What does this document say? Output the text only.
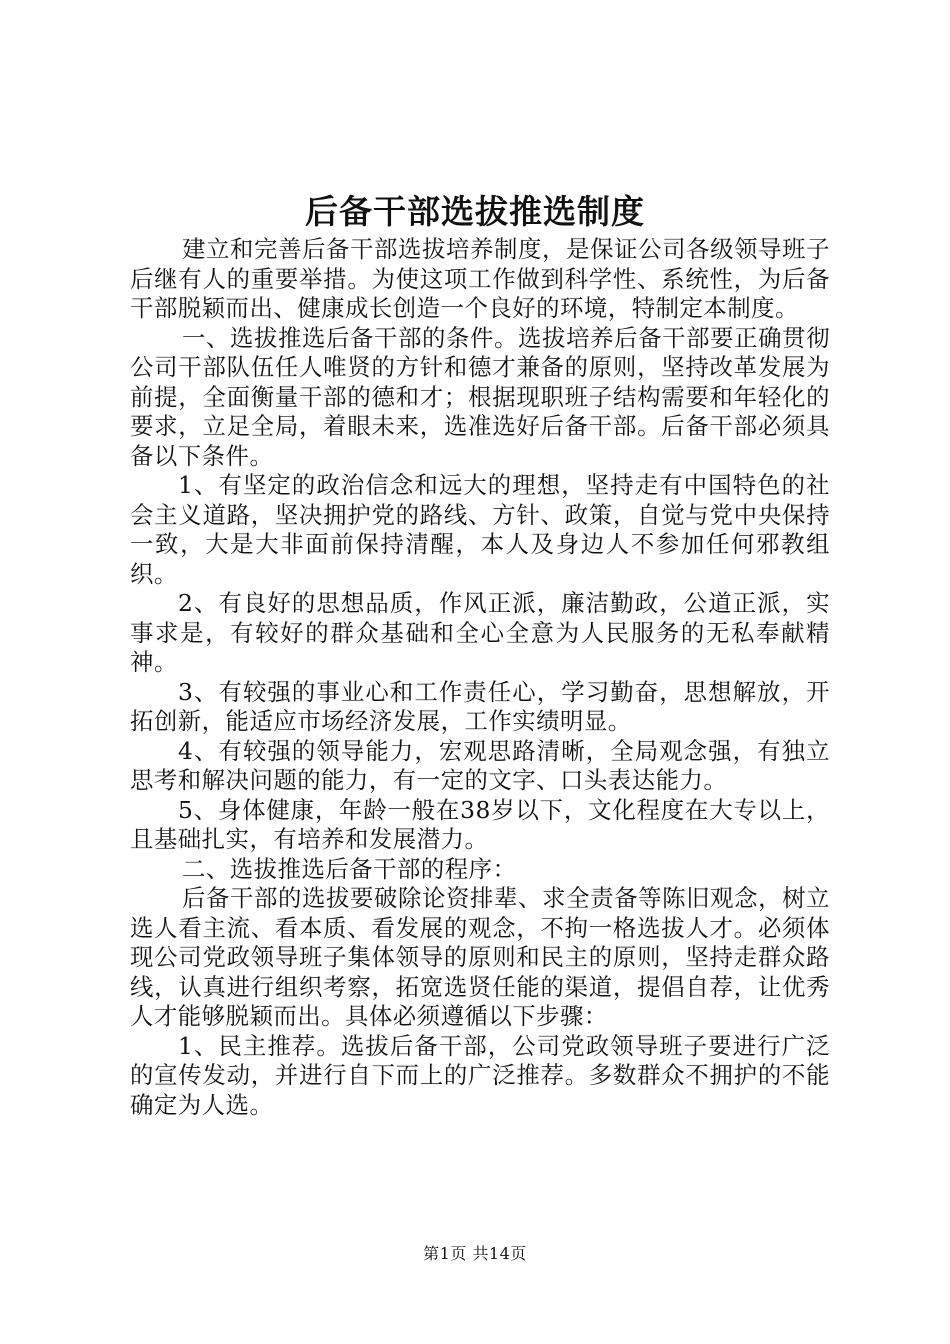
后备干部选拔推选制度

建立和完善后备干部选拔培养制度，是保证公司各级领导班子后继有人的重要举措。为使这项工作做到科学性、系统性，为后备干部脱颖而出、健康成长创造一个良好的环境，特制定本制度。

一、选拔推选后备干部的条件。选拔培养后备干部要正确贯彻公司干部队伍任人唯贤的方针和德才兼备的原则，坚持改革发展为前提，全面衡量干部的德和才；根据现职班子结构需要和年轻化的要求，立足全局，着眼未来，选准选好后备干部。后备干部必须具备以下条件。

1、有坚定的政治信念和远大的理想，坚持走有中国特色的社会主义道路，坚决拥护党的路线、方针、政策，自觉与党中央保持一致，大是大非面前保持清醒，本人及身边人不参加任何邪教组织。

2、有良好的思想品质，作风正派，廉洁勤政，公道正派，实事求是，有较好的群众基础和全心全意为人民服务的无私奉献精神。

3、有较强的事业心和工作责任心，学习勤奋，思想解放，开拓创新，能适应市场经济发展，工作实绩明显。

4、有较强的领导能力，宏观思路清晰，全局观念强，有独立思考和解决问题的能力，有一定的文字、口头表达能力。

5、身体健康，年龄一般在38岁以下，文化程度在大专以上，且基础扎实，有培养和发展潜力。

二、选拔推选后备干部的程序：

后备干部的选拔要破除论资排辈、求全责备等陈旧观念，树立选人看主流、看本质、看发展的观念，不拘一格选拔人才。必须体现公司党政领导班子集体领导的原则和民主的原则，坚持走群众路线，认真进行组织考察，拓宽选贤任能的渠道，提倡自荐，让优秀人才能够脱颖而出。具体必须遵循以下步骤：

1、民主推荐。选拔后备干部，公司党政领导班子要进行广泛的宣传发动，并进行自下而上的广泛推荐。多数群众不拥护的不能确定为人选。

第1页 共14页
